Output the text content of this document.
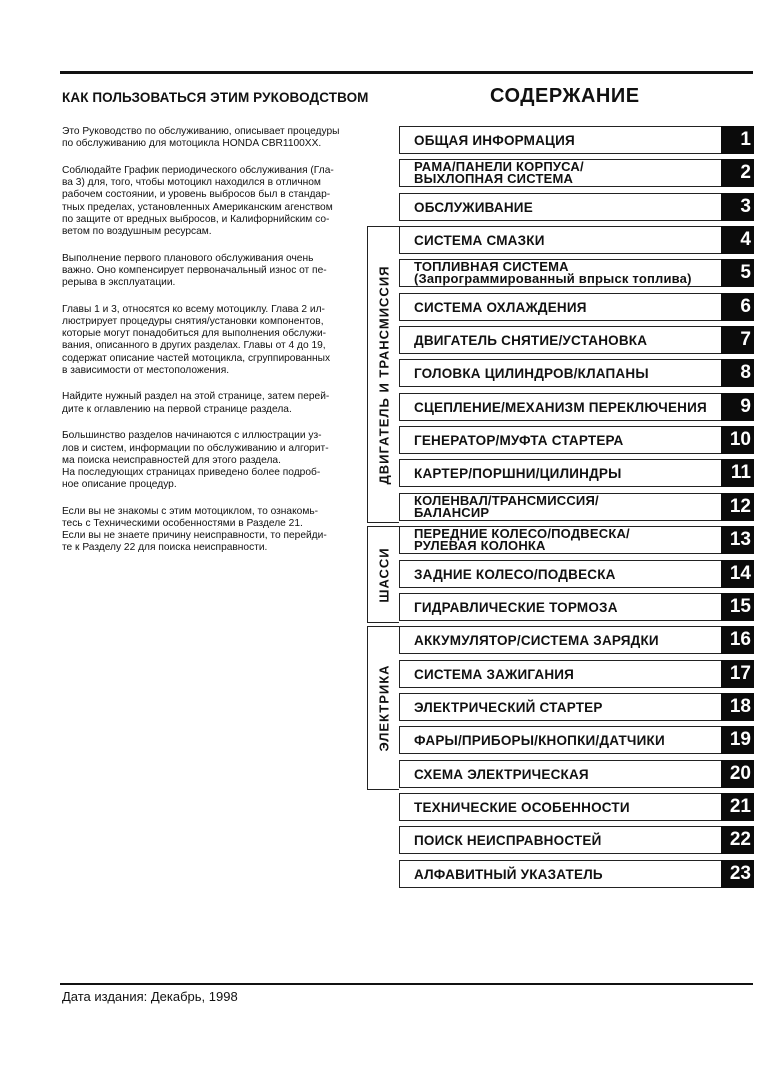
КАК ПОЛЬЗОВАТЬСЯ ЭТИМ РУКОВОДСТВОМ	СОДЕРЖАНИЕ

Это Руководство по обслуживанию, описывает процедуры
по обслуживанию для мотоцикла HONDA CBR1100XX.

Соблюдайте График периодического обслуживания (Гла-
ва 3) для, того, чтобы мотоцикл находился в отличном
рабочем состоянии, и уровень выбросов был в стандар-
тных пределах, установленных Американским агенством
по защите от вредных выбросов, и Калифорнийским со-
ветом по воздушным ресурсам.

Выполнение первого планового обслуживания очень
важно. Оно компенсирует первоначальный износ от пе-
рерыва в эксплуатации.

Главы 1 и 3, относятся ко всему мотоциклу. Глава 2 ил-
люстрирует процедуры снятия/установки компонентов,
которые могут понадобиться для выполнения обслужи-
вания, описанного в других разделах. Главы от 4 до 19,
содержат описание частей мотоцикла, сгруппированных
в зависимости от местоположения.

Найдите нужный раздел на этой странице, затем перей-
дите к оглавлению на первой странице раздела.

Большинство разделов начинаются с иллюстрации уз-
лов и систем, информации по обслуживанию и алгорит-
ма поиска неисправностей для этого раздела.
На последующих страницах приведено более подроб-
ное описание процедур.

Если вы не знакомы с этим мотоциклом, то ознакомь-
тесь с Техническими особенностями в Разделе 21.
Если вы не знаете причину неисправности, то перейди-
те к Разделу 22 для поиска неисправности.

ДВИГАТЕЛЬ И ТРАНСМИССИЯ
ШАССИ
ЭЛЕКТРИКА
ОБЩАЯ ИНФОРМАЦИЯ	1
РАМА/ПАНЕЛИ КОРПУСА/
ВЫХЛОПНАЯ СИСТЕМА	2
ОБСЛУЖИВАНИЕ	3
СИСТЕМА СМАЗКИ	4
ТОПЛИВНАЯ СИСТЕМА
(Запрограммированный впрыск топлива)	5
СИСТЕМА ОХЛАЖДЕНИЯ	6
ДВИГАТЕЛЬ СНЯТИЕ/УСТАНОВКА	7
ГОЛОВКА ЦИЛИНДРОВ/КЛАПАНЫ	8
СЦЕПЛЕНИЕ/МЕХАНИЗМ ПЕРЕКЛЮЧЕНИЯ	9
ГЕНЕРАТОР/МУФТА СТАРТЕРА	10
КАРТЕР/ПОРШНИ/ЦИЛИНДРЫ	11
КОЛЕНВАЛ/ТРАНСМИССИЯ/
БАЛАНСИР	12
ПЕРЕДНИЕ КОЛЕСО/ПОДВЕСКА/
РУЛЕВАЯ КОЛОНКА	13
ЗАДНИЕ КОЛЕСО/ПОДВЕСКА	14
ГИДРАВЛИЧЕСКИЕ ТОРМОЗА	15
АККУМУЛЯТОР/СИСТЕМА ЗАРЯДКИ	16
СИСТЕМА ЗАЖИГАНИЯ	17
ЭЛЕКТРИЧЕСКИЙ СТАРТЕР	18
ФАРЫ/ПРИБОРЫ/КНОПКИ/ДАТЧИКИ	19
СХЕМА ЭЛЕКТРИЧЕСКАЯ	20
ТЕХНИЧЕСКИЕ ОСОБЕННОСТИ	21
ПОИСК НЕИСПРАВНОСТЕЙ	22
АЛФАВИТНЫЙ УКАЗАТЕЛЬ	23
Дата издания: Декабрь, 1998
